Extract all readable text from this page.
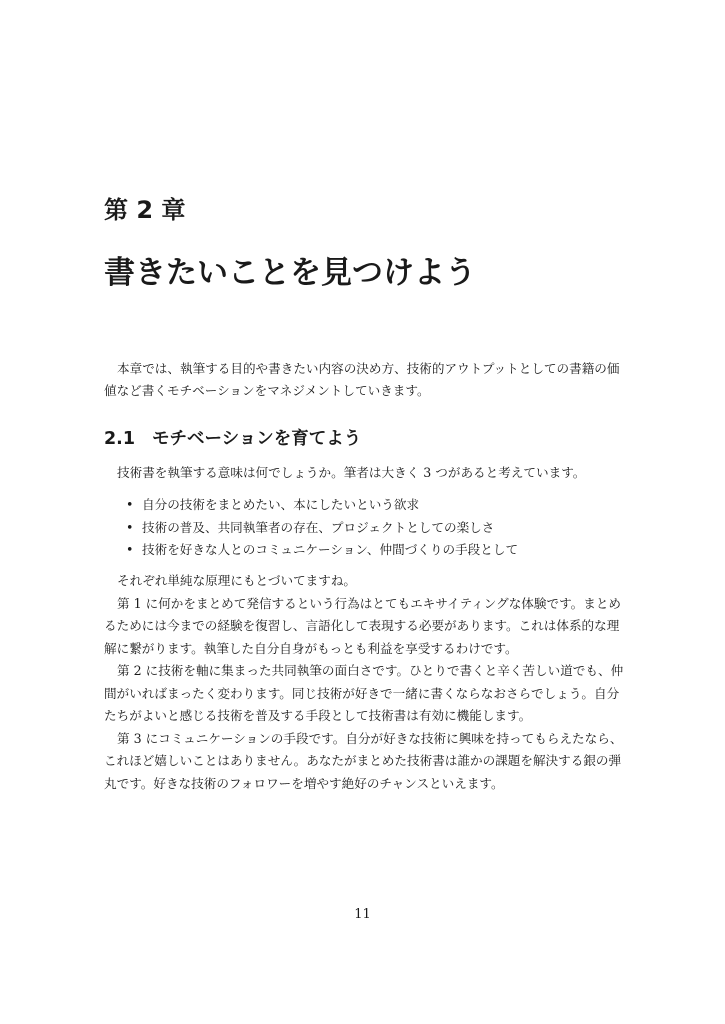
第 2 章
書きたいことを見つけよう

本章では、執筆する目的や書きたい内容の決め方、技術的アウトプットとしての書籍の価値など書くモチベーションをマネジメントしていきます。

2.1 モチベーションを育てよう

技術書を執筆する意味は何でしょうか。筆者は大きく 3 つがあると考えています。

• 自分の技術をまとめたい、本にしたいという欲求
• 技術の普及、共同執筆者の存在、プロジェクトとしての楽しさ
• 技術を好きな人とのコミュニケーション、仲間づくりの手段として

それぞれ単純な原理にもとづいてますね。

第 1 に何かをまとめて発信するという行為はとてもエキサイティングな体験です。まとめるためには今までの経験を復習し、言語化して表現する必要があります。これは体系的な理解に繋がります。執筆した自分自身がもっとも利益を享受するわけです。

第 2 に技術を軸に集まった共同執筆の面白さです。ひとりで書くと辛く苦しい道でも、仲間がいればまったく変わります。同じ技術が好きで一緒に書くならなおさらでしょう。自分たちがよいと感じる技術を普及する手段として技術書は有効に機能します。

第 3 にコミュニケーションの手段です。自分が好きな技術に興味を持ってもらえたなら、これほど嬉しいことはありません。あなたがまとめた技術書は誰かの課題を解決する銀の弾丸です。好きな技術のフォロワーを増やす絶好のチャンスといえます。

11
